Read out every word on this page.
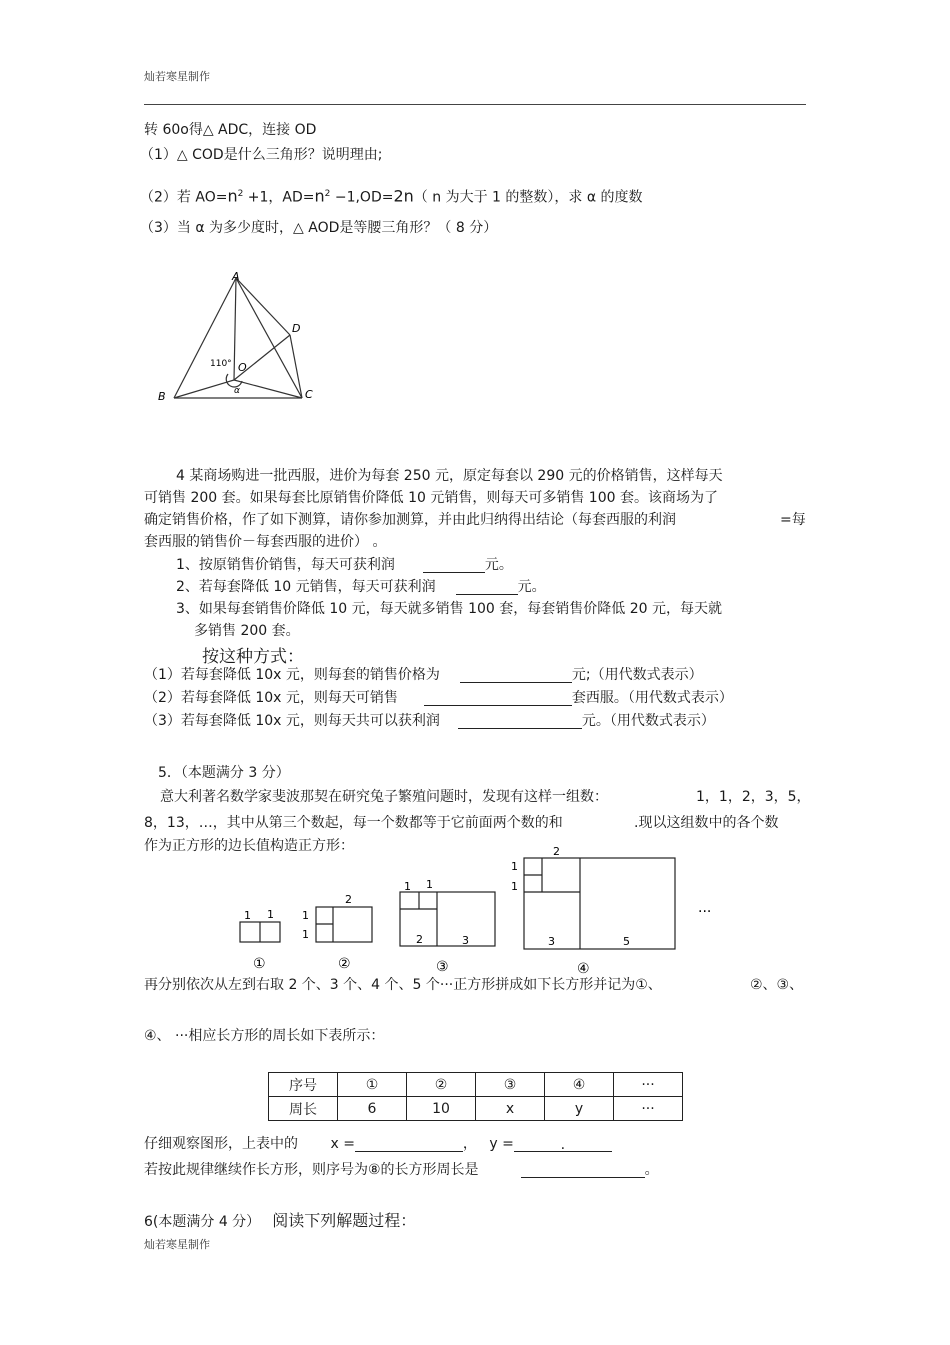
灿若寒星制作
转 60o得△ ADC，连接 OD
（1）△ COD是什么三角形？说明理由;
（2）若 $AO=n^2 +1$，$AD=n^2 -1,OD=2n$（ n 为大于 1 的整数），求 α 的度数
（3）当 α 为多少度时，△ AOD是等腰三角形？（ 8 分）
A
B	C
D
O
110°
α
4 某商场购进一批西服，进价为每套 250 元，原定每套以 290 元的价格销售，这样每天
可销售 200 套。如果每套比原销售价降低 10 元销售，则每天可多销售 100 套。该商场为了
确定销售价格，作了如下测算，请你参加测算，并由此归纳得出结论（每套西服的利润	=每
套西服的销售价－每套西服的进价） 。
1、按原销售价销售，每天可获利润	元。
2、若每套降低 10 元销售，每天可获利润	元。
3、如果每套销售价降低 10 元，每天就多销售 100 套，每套销售价降低 20 元，每天就
多销售 200 套。
按这种方式：
（1）若每套降低 10x 元，则每套的销售价格为	元;（用代数式表示）
（2）若每套降低 10x 元，则每天可销售	套西服。（用代数式表示）
（3）若每套降低 10x 元，则每天共可以获利润	元。（用代数式表示）
5．（本题满分 3 分）
意大利著名数学家斐波那契在研究兔子繁殖问题时，发现有这样一组数：	1，1，2，3，5，
8，13，…，其中从第三个数起，每一个数都等于它前面两个数的和	.现以这组数中的各个数
作为正方形的边长值构造正方形：
1 1	1
1
2
1 1
2	3
1
1
2
3	5
···
①	②	③	④
再分别依次从左到右取 2 个、3 个、4 个、5 个···正方形拼成如下长方形并记为①、	②、③、
④、 ···相应长方形的周长如下表所示：
序号	①	②	③	④	···
周长	6	10	x	y	···
仔细观察图形，上表中的 x =	， y =	.
若按此规律继续作长方形，则序号为⑧的长方形周长是	。
6(本题满分 4 分） 阅读下列解题过程：
灿若寒星制作
